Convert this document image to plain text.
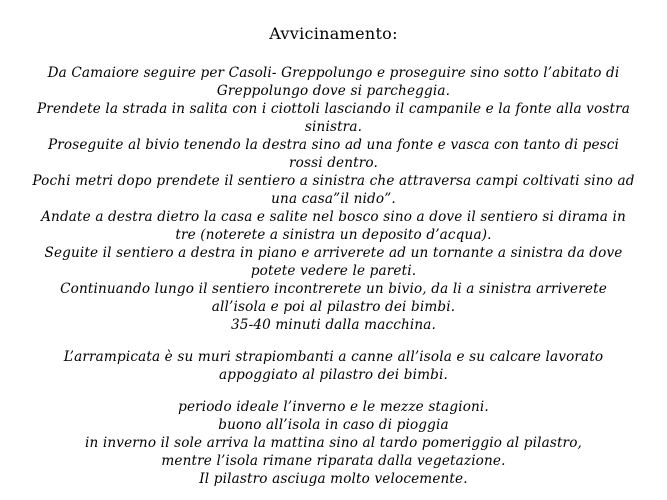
Avvicinamento:
Da Camaiore seguire per Casoli- Greppolungo e proseguire sino sotto l’abitato di
Greppolungo dove si parcheggia.
Prendete la strada in salita con i ciottoli lasciando il campanile e la fonte alla vostra
sinistra.
Proseguite al bivio tenendo la destra sino ad una fonte e vasca con tanto di pesci
rossi dentro.
Pochi metri dopo prendete il sentiero a sinistra che attraversa campi coltivati sino ad
una casa”il nido”.
Andate a destra dietro la casa e salite nel bosco sino a dove il sentiero si dirama in
tre (noterete a sinistra un deposito d’acqua).
Seguite il sentiero a destra in piano e arriverete ad un tornante a sinistra da dove
potete vedere le pareti.
Continuando lungo il sentiero incontrerete un bivio, da li a sinistra arriverete
all’isola e poi al pilastro dei bimbi.
35-40 minuti dalla macchina.
L’arrampicata è su muri strapiombanti a canne all’isola e su calcare lavorato
appoggiato al pilastro dei bimbi.
periodo ideale l’inverno e le mezze stagioni.
buono all’isola in caso di pioggia
in inverno il sole arriva la mattina sino al tardo pomeriggio al pilastro,
mentre l’isola rimane riparata dalla vegetazione.
Il pilastro asciuga molto velocemente.
